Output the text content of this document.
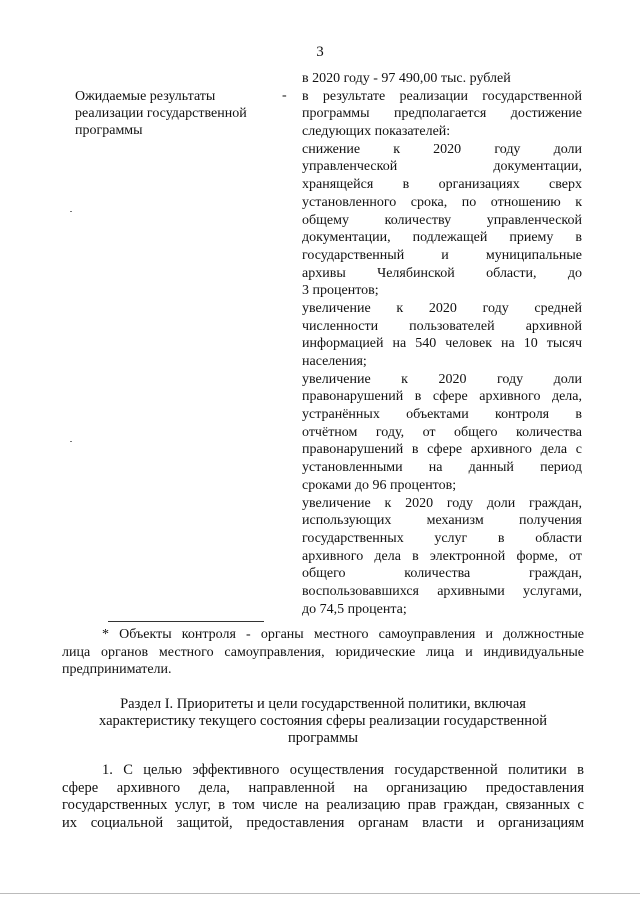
3
Ожидаемые результаты
реализации государственной
программы
-
в 2020 году - 97 490,00 тыс. рублей
в результате реализации государственной
программы предполагается достижение
следующих показателей:
снижение к 2020 году доли
управленческой документации,
хранящейся в организациях сверх
установленного срока, по отношению к
общему количеству управленческой
документации, подлежащей приему в
государственный и муниципальные
архивы Челябинской области, до
3 процентов;
увеличение к 2020 году средней
численности пользователей архивной
информацией на 540 человек на 10 тысяч
населения;
увеличение к 2020 году доли
правонарушений в сфере архивного дела,
устранённых объектами контроля в
отчётном году, от общего количества
правонарушений в сфере архивного дела с
установленными на данный период
сроками до 96 процентов;
увеличение к 2020 году доли граждан,
использующих механизм получения
государственных услуг в области
архивного дела в электронной форме, от
общего количества граждан,
воспользовавшихся архивными услугами,
до 74,5 процента;
* Объекты контроля - органы местного самоуправления и должностные
лица органов местного самоуправления, юридические лица и индивидуальные
предприниматели.
Раздел I. Приоритеты и цели государственной политики, включая
характеристику текущего состояния сферы реализации государственной
программы
1. С целью эффективного осуществления государственной политики в
сфере архивного дела, направленной на организацию предоставления
государственных услуг, в том числе на реализацию прав граждан, связанных с
их социальной защитой, предоставления органам власти и организациям
